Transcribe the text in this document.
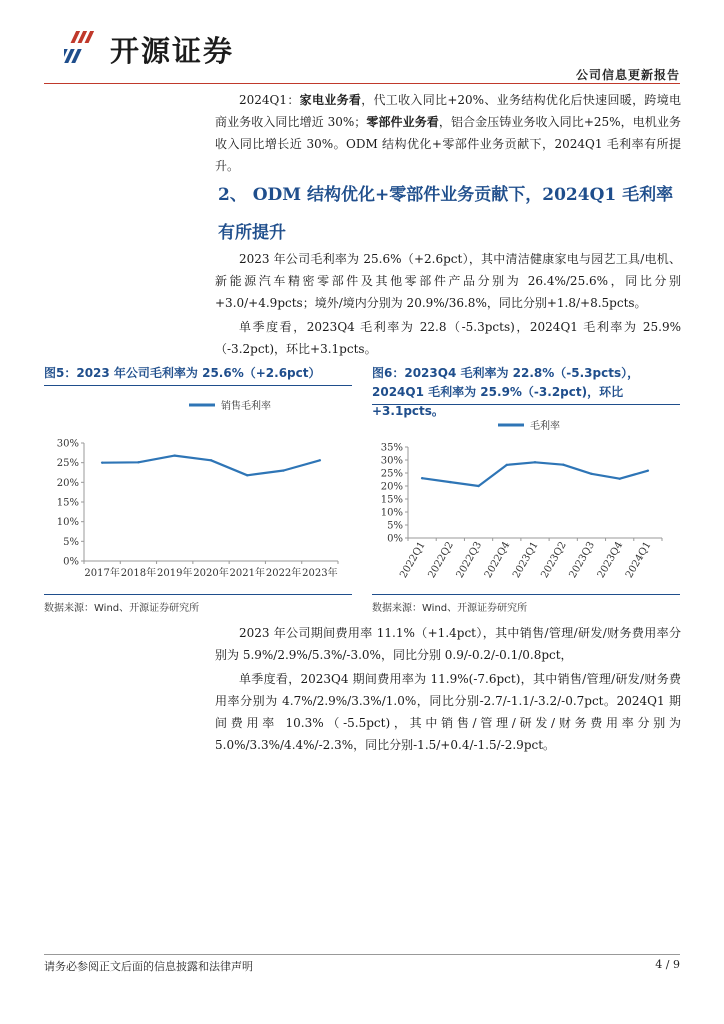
开源证券
公司信息更新报告

2024Q1：家电业务看，代工收入同比+20%、业务结构优化后快速回暖，跨境电商业务收入同比增近 30%；零部件业务看，铝合金压铸业务收入同比+25%，电机业务收入同比增长近 30%。ODM 结构优化+零部件业务贡献下，2024Q1 毛利率有所提升。

2、 ODM 结构优化+零部件业务贡献下，2024Q1 毛利率有所提升

2023 年公司毛利率为 25.6%（+2.6pct），其中清洁健康家电与园艺工具/电机、新能源汽车精密零部件及其他零部件产品分别为 26.4%/25.6%，同比分别+3.0/+4.9pcts；境外/境内分别为 20.9%/36.8%，同比分别+1.8/+8.5pcts。

单季度看，2023Q4 毛利率为 22.8（-5.3pcts)，2024Q1 毛利率为 25.9%（-3.2pct)，环比+3.1pcts。

图5：2023 年公司毛利率为 25.6%（+2.6pct）

销售毛利率
0%
5%
10%
15%
20%
25%
30%
2017年 2018年 2019年 2020年 2021年 2022年 2023年
数据来源：Wind、开源证券研究所

图6：2023Q4 毛利率为 22.8%（-5.3pcts），2024Q1 毛利率为 25.9%（-3.2pct)，环比+3.1pcts。

毛利率
0%
5%
10%
15%
20%
25%
30%
35%
2022Q1
2022Q2
2022Q3
2022Q4
2023Q1
2023Q2
2023Q3
2023Q4
2024Q1
数据来源：Wind、开源证券研究所

2023 年公司期间费用率 11.1%（+1.4pct），其中销售/管理/研发/财务费用率分别为 5.9%/2.9%/5.3%/-3.0%，同比分别 0.9/-0.2/-0.1/0.8pct，

单季度看，2023Q4 期间费用率为 11.9%(-7.6pct)，其中销售/管理/研发/财务费用率分别为 4.7%/2.9%/3.3%/1.0%，同比分别-2.7/-1.1/-3.2/-0.7pct。2024Q1 期间费用率 10.3%（-5.5pct)，其中销售/管理/研发/财务费用率分别为 5.0%/3.3%/4.4%/-2.3%，同比分别-1.5/+0.4/-1.5/-2.9pct。

请务必参阅正文后面的信息披露和法律声明	4 / 9
